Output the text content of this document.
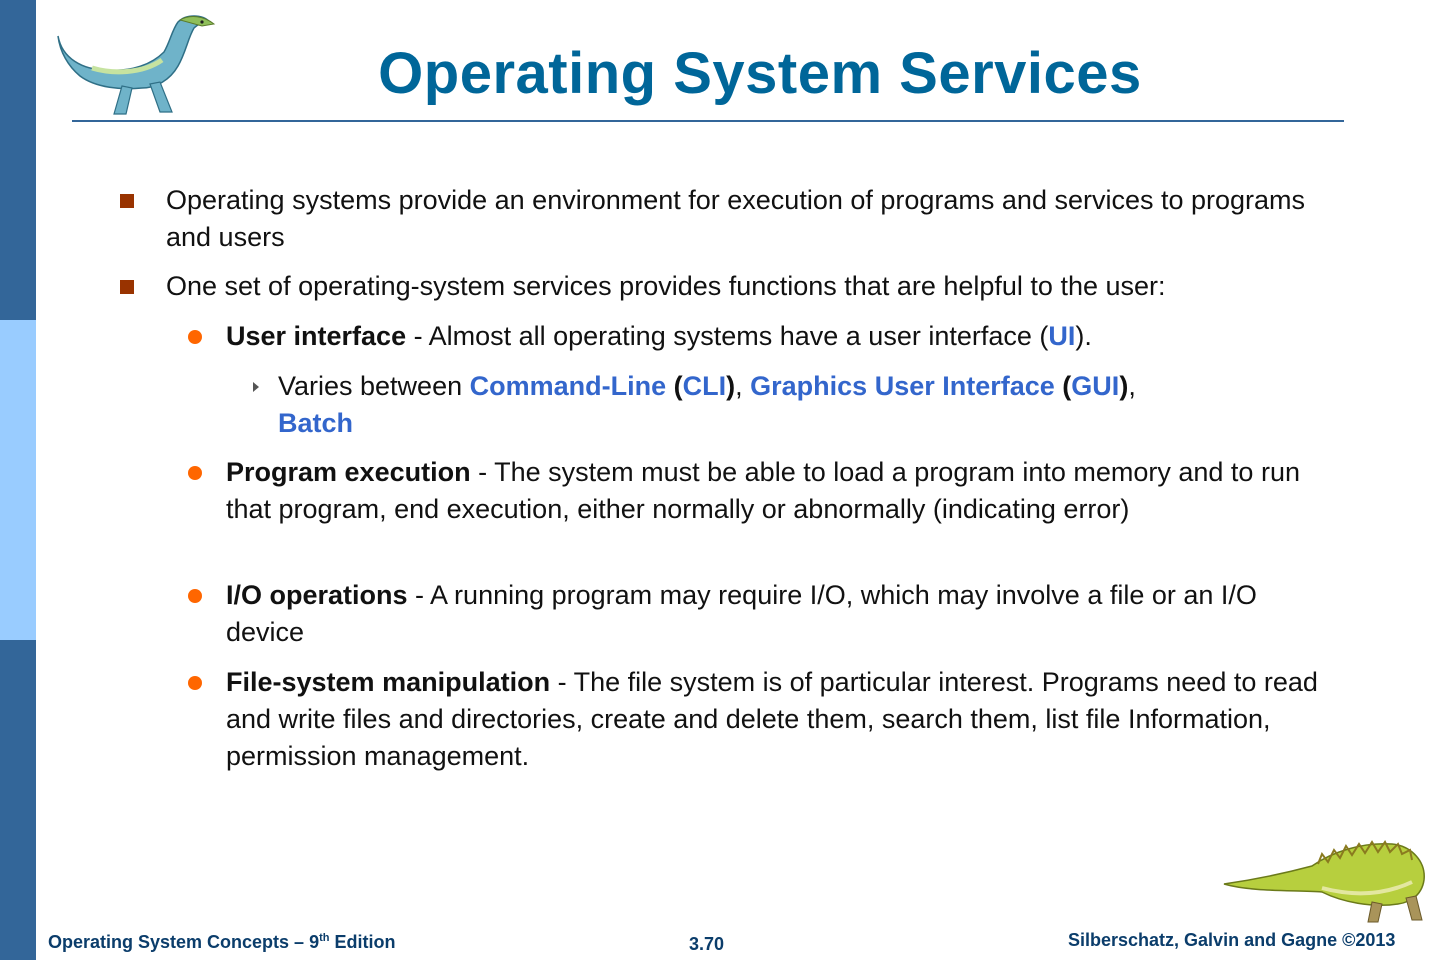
Operating System Services
Operating systems provide an environment for execution of programs and services to programs and users
One set of operating-system services provides functions that are helpful to the user:
User interface - Almost all operating systems have a user interface (UI).
Varies between Command-Line (CLI), Graphics User Interface (GUI),
Batch
Program execution - The system must be able to load a program into memory and to run that program, end execution, either normally or abnormally (indicating error)
I/O operations - A running program may require I/O, which may involve a file or an I/O device
File-system manipulation - The file system is of particular interest. Programs need to read and write files and directories, create and delete them, search them, list file Information, permission management.
Operating System Concepts – 9th Edition	3.70	Silberschatz, Galvin and Gagne ©2013
